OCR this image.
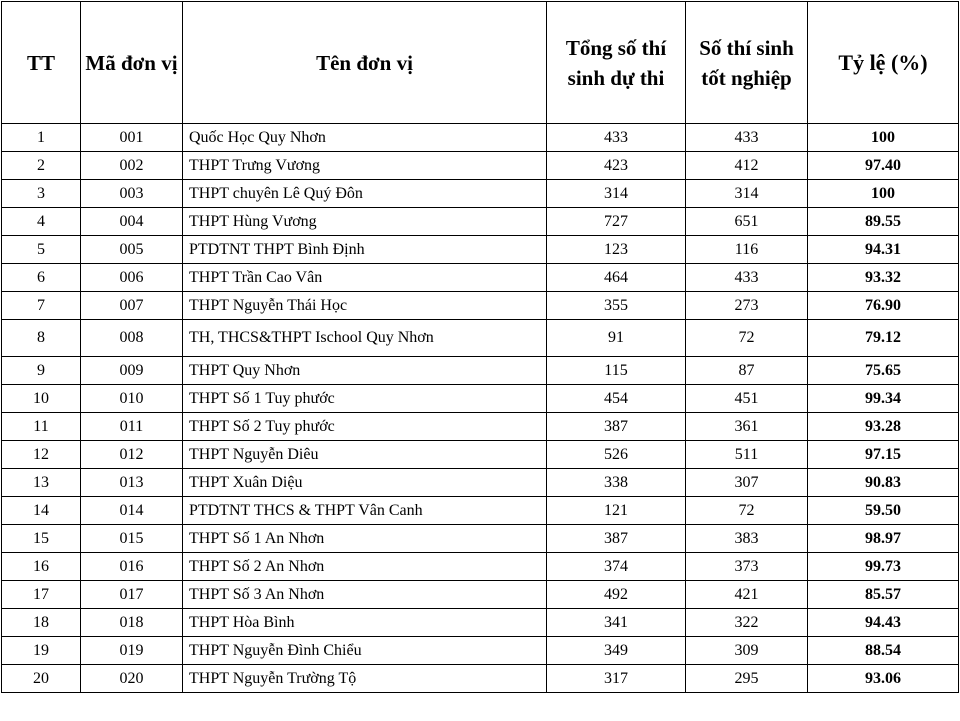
TT	Mã đơn vị	Tên đơn vị	Tổng số thí sinh dự thi	Số thí sinh tốt nghiệp	Tỷ lệ (%)
1	001	Quốc Học Quy Nhơn	433	433	100
2	002	THPT Trưng Vương	423	412	97.40
3	003	THPT chuyên Lê Quý Đôn	314	314	100
4	004	THPT Hùng Vương	727	651	89.55
5	005	PTDTNT THPT Bình Định	123	116	94.31
6	006	THPT Trần Cao Vân	464	433	93.32
7	007	THPT Nguyễn Thái Học	355	273	76.90
8	008	TH, THCS&THPT Ischool Quy Nhơn	91	72	79.12
9	009	THPT Quy Nhơn	115	87	75.65
10	010	THPT Số 1 Tuy phước	454	451	99.34
11	011	THPT Số 2 Tuy phước	387	361	93.28
12	012	THPT Nguyễn Diêu	526	511	97.15
13	013	THPT Xuân Diệu	338	307	90.83
14	014	PTDTNT THCS & THPT Vân Canh	121	72	59.50
15	015	THPT Số 1 An Nhơn	387	383	98.97
16	016	THPT Số 2 An Nhơn	374	373	99.73
17	017	THPT Số 3 An Nhơn	492	421	85.57
18	018	THPT Hòa Bình	341	322	94.43
19	019	THPT Nguyễn Đình Chiểu	349	309	88.54
20	020	THPT Nguyễn Trường Tộ	317	295	93.06
